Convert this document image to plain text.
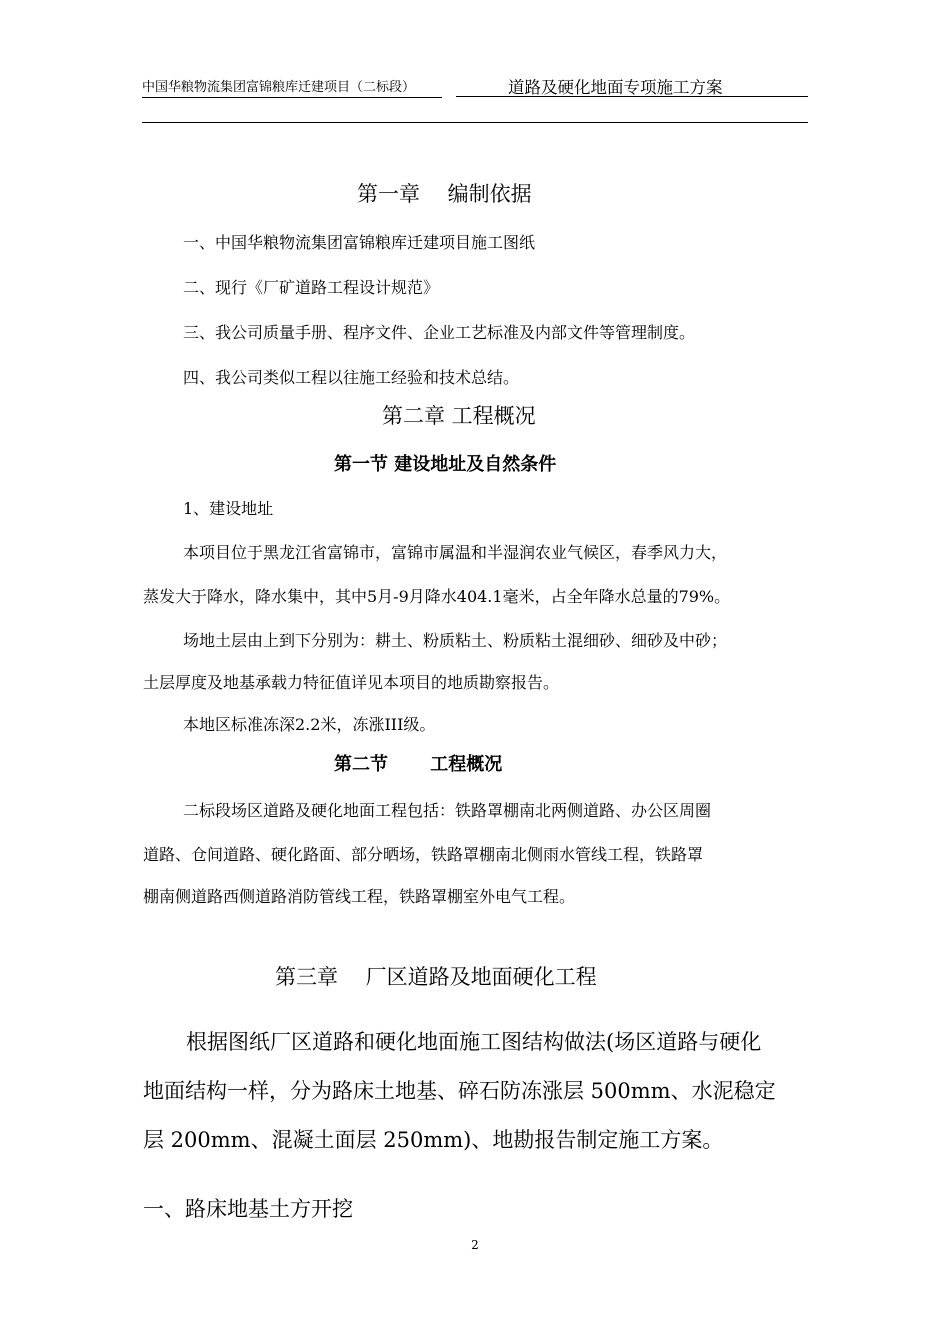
中国华粮物流集团富锦粮库迁建项目（二标段）	道路及硬化地面专项施工方案
第一章　 编制依据
一、中国华粮物流集团富锦粮库迁建项目施工图纸
二、现行《厂矿道路工程设计规范》
三、我公司质量手册、程序文件、企业工艺标准及内部文件等管理制度。
四、我公司类似工程以往施工经验和技术总结。
第二章 工程概况
第一节 建设地址及自然条件
1、建设地址
本项目位于黑龙江省富锦市，富锦市属温和半湿润农业气候区，春季风力大，
蒸发大于降水，降水集中，其中5月-9月降水404.1毫米，占全年降水总量的79%。
场地土层由上到下分别为：耕土、粉质粘土、粉质粘土混细砂、细砂及中砂；
土层厚度及地基承载力特征值详见本项目的地质勘察报告。
本地区标准冻深2.2米，冻涨III级。
第二节　　 工程概况
二标段场区道路及硬化地面工程包括：铁路罩棚南北两侧道路、办公区周圈
道路、仓间道路、硬化路面、部分晒场，铁路罩棚南北侧雨水管线工程，铁路罩
棚南侧道路西侧道路消防管线工程，铁路罩棚室外电气工程。
第三章　 厂区道路及地面硬化工程
根据图纸厂区道路和硬化地面施工图结构做法(场区道路与硬化
地面结构一样，分为路床土地基、碎石防冻涨层 500mm、水泥稳定
层 200mm、混凝土面层 250mm)、地勘报告制定施工方案。
一、路床地基土方开挖
2
